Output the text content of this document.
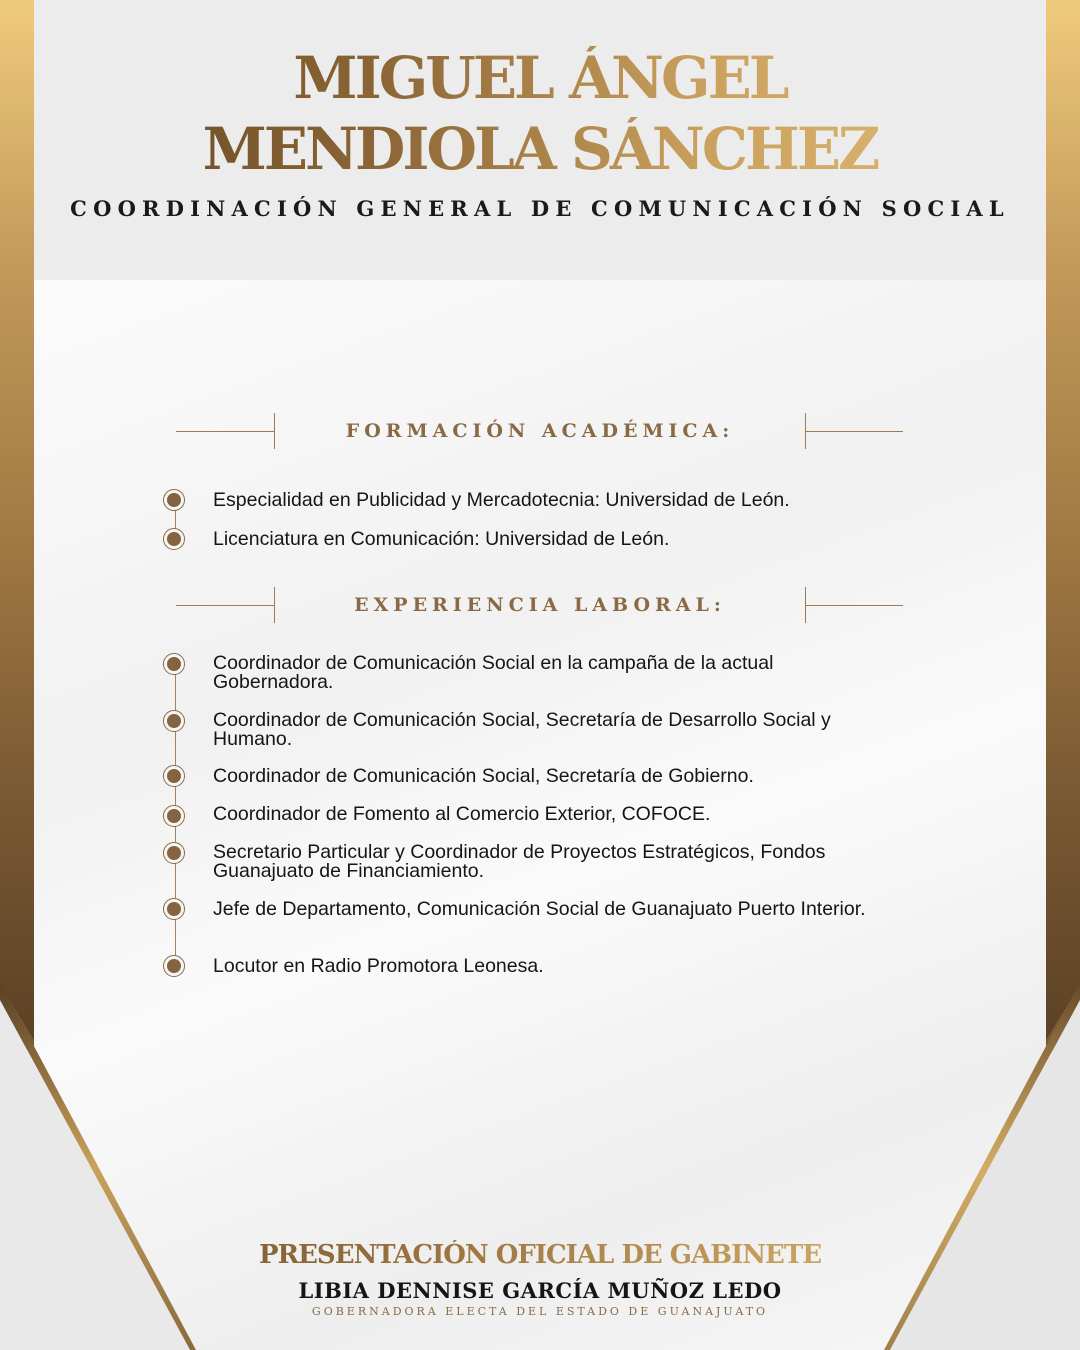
MIGUEL ÁNGEL
MENDIOLA SÁNCHEZ
COORDINACIÓN GENERAL DE COMUNICACIÓN SOCIAL
FORMACIÓN ACADÉMICA:
Especialidad en Publicidad y Mercadotecnia: Universidad de León.
Licenciatura en Comunicación: Universidad de León.
EXPERIENCIA LABORAL:
Coordinador de Comunicación Social en la campaña de la actual Gobernadora.
Coordinador de Comunicación Social, Secretaría de Desarrollo Social y Humano.
Coordinador de Comunicación Social, Secretaría de Gobierno.
Coordinador de Fomento al Comercio Exterior, COFOCE.
Secretario Particular y Coordinador de Proyectos Estratégicos, Fondos Guanajuato de Financiamiento.
Jefe de Departamento, Comunicación Social de Guanajuato Puerto Interior.
Locutor en Radio Promotora Leonesa.
PRESENTACIÓN OFICIAL DE GABINETE
LIBIA DENNISE GARCÍA MUÑOZ LEDO
GOBERNADORA ELECTA DEL ESTADO DE GUANAJUATO
